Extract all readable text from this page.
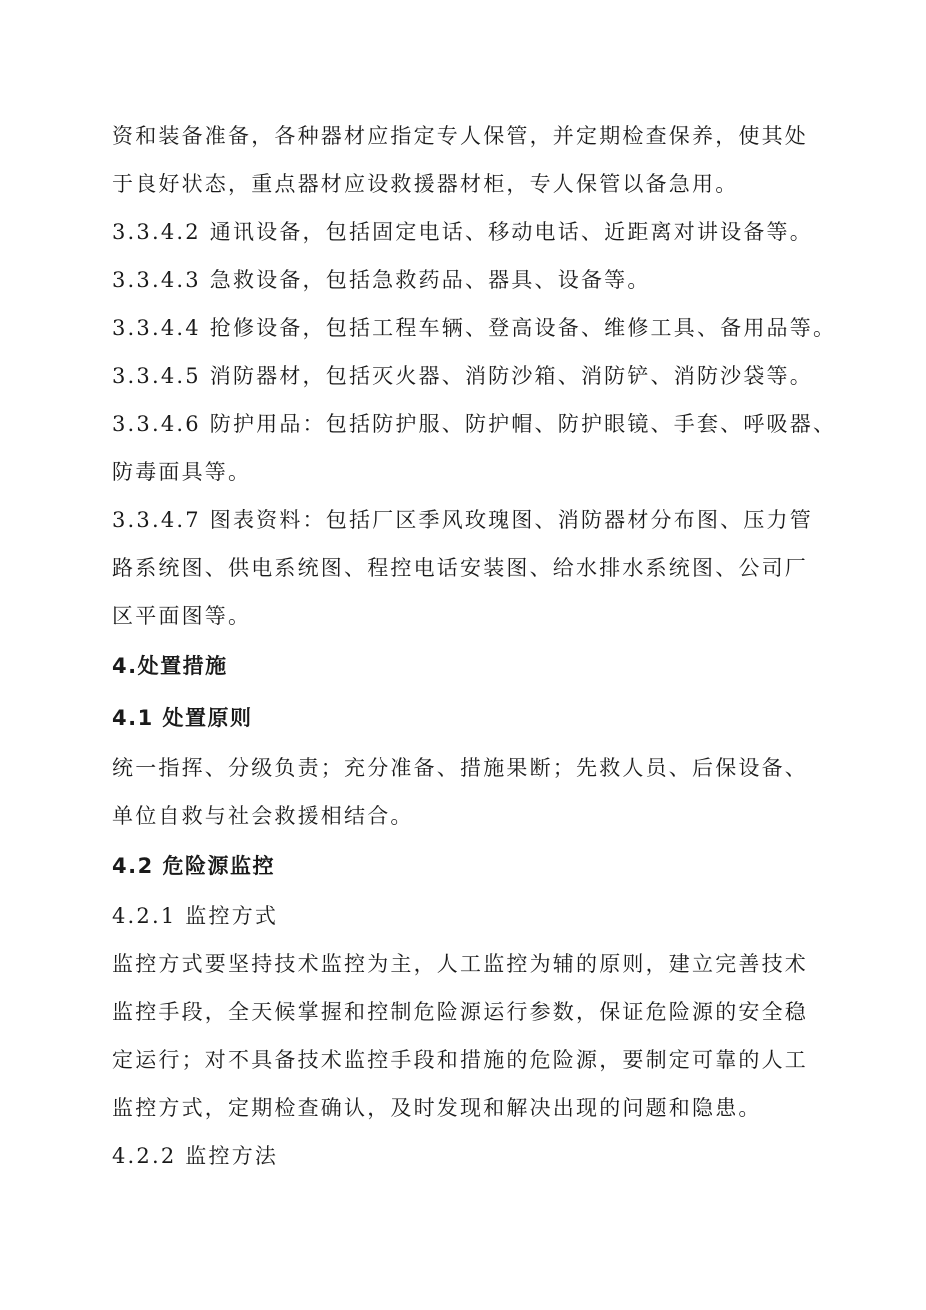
资和装备准备，各种器材应指定专人保管，并定期检查保养，使其处
于良好状态，重点器材应设救援器材柜，专人保管以备急用。
3.3.4.2 通讯设备，包括固定电话、移动电话、近距离对讲设备等。
3.3.4.3 急救设备，包括急救药品、器具、设备等。
3.3.4.4 抢修设备，包括工程车辆、登高设备、维修工具、备用品等。
3.3.4.5 消防器材，包括灭火器、消防沙箱、消防铲、消防沙袋等。
3.3.4.6 防护用品：包括防护服、防护帽、防护眼镜、手套、呼吸器、
防毒面具等。
3.3.4.7 图表资料：包括厂区季风玫瑰图、消防器材分布图、压力管
路系统图、供电系统图、程控电话安装图、给水排水系统图、公司厂
区平面图等。
4.处置措施
4.1 处置原则
统一指挥、分级负责；充分准备、措施果断；先救人员、后保设备、
单位自救与社会救援相结合。
4.2 危险源监控
4.2.1 监控方式
监控方式要坚持技术监控为主，人工监控为辅的原则，建立完善技术
监控手段，全天候掌握和控制危险源运行参数，保证危险源的安全稳
定运行；对不具备技术监控手段和措施的危险源，要制定可靠的人工
监控方式，定期检查确认，及时发现和解决出现的问题和隐患。
4.2.2 监控方法
